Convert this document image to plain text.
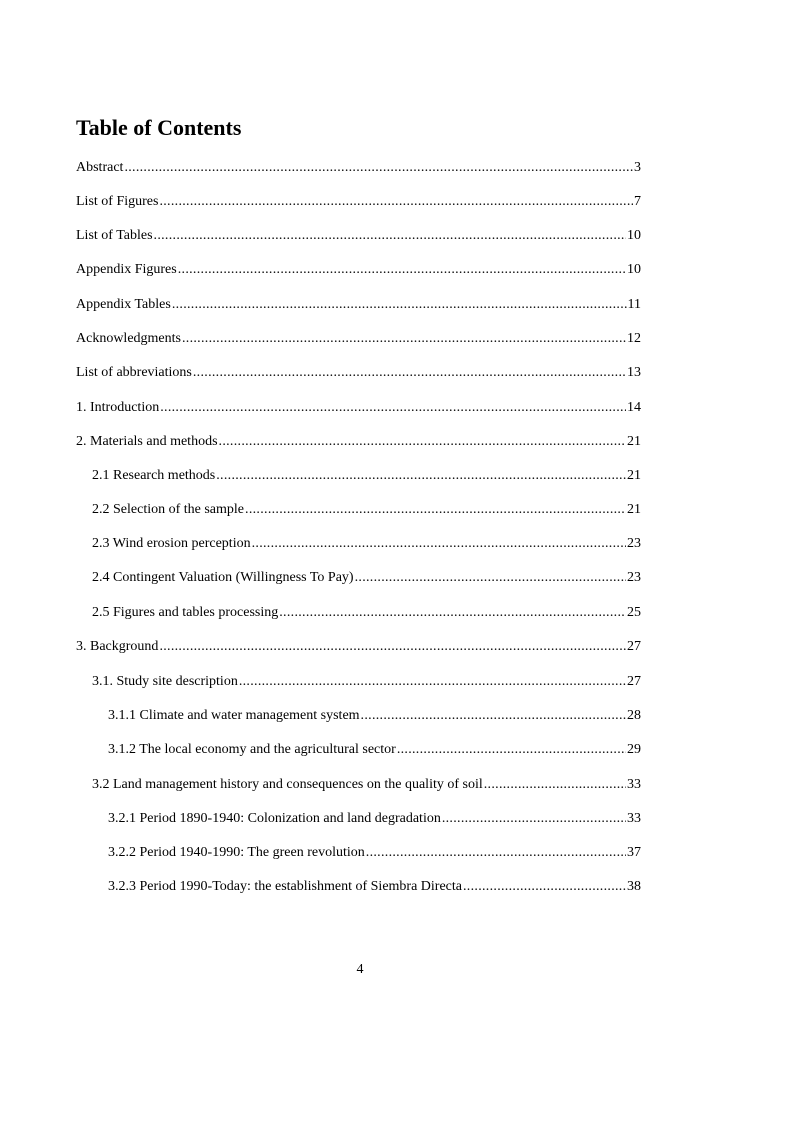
Table of Contents
Abstract .....	3
List of Figures .....	7
List of Tables .....	10
Appendix Figures .....	10
Appendix Tables .....	11
Acknowledgments .....	12
List of abbreviations .....	13
1. Introduction .....	14
2. Materials and methods .....	21
2.1 Research methods .....	21
2.2 Selection of the sample .....	21
2.3 Wind erosion perception .....	23
2.4 Contingent Valuation (Willingness To Pay) .....	23
2.5 Figures and tables processing .....	25
3. Background .....	27
3.1. Study site description .....	27
3.1.1 Climate and water management system .....	28
3.1.2 The local economy and the agricultural sector .....	29
3.2 Land management history and consequences on the quality of soil .....	33
3.2.1 Period 1890-1940: Colonization and land degradation .....	33
3.2.2 Period 1940-1990: The green revolution .....	37
3.2.3 Period 1990-Today: the establishment of Siembra Directa .....	38
4
